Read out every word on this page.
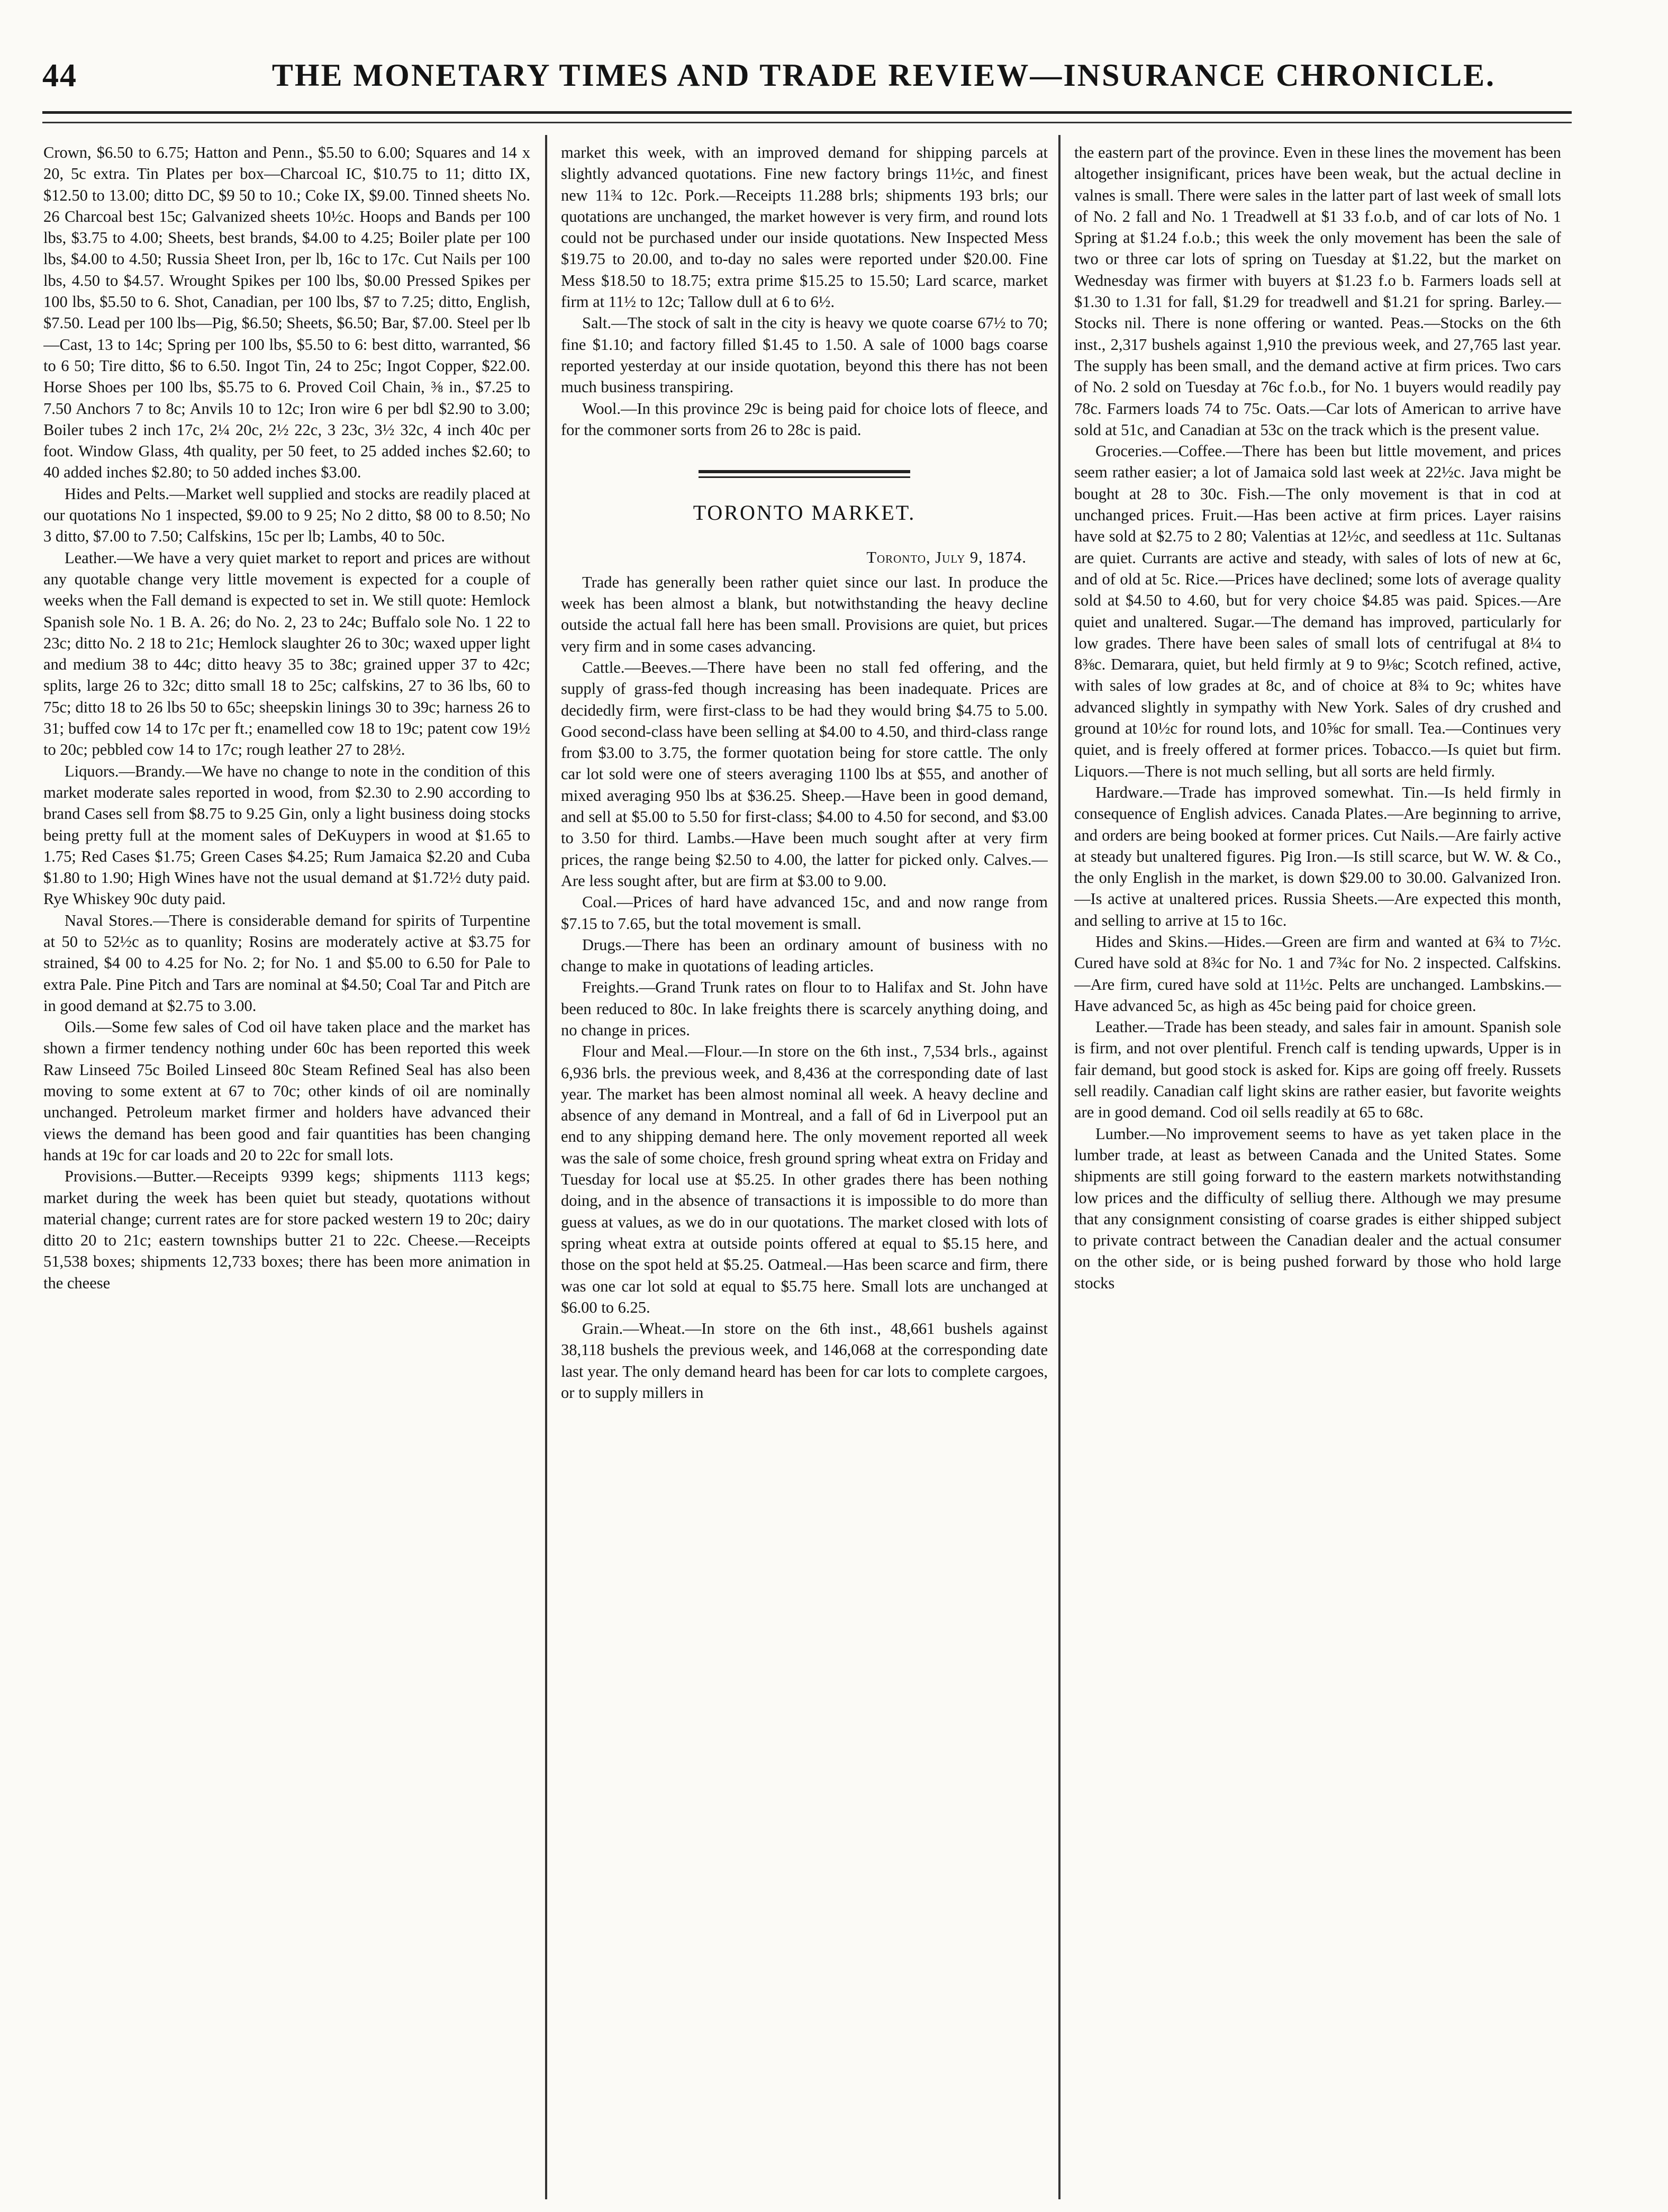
44	THE MONETARY TIMES AND TRADE REVIEW—INSURANCE CHRONICLE.

Crown, $6.50 to 6.75; Hatton and Penn., $5.50 to 6.00; Squares and 14 x 20, 5c extra. Tin Plates per box—Charcoal IC, $10.75 to 11; ditto IX, $12.50 to 13.00; ditto DC, $9 50 to 10.; Coke IX, $9.00. Tinned sheets No. 26 Charcoal best 15c; Galvanized sheets 10½c. Hoops and Bands per 100 lbs, $3.75 to 4.00; Sheets, best brands, $4.00 to 4.25; Boiler plate per 100 lbs, $4.00 to 4.50; Russia Sheet Iron, per lb, 16c to 17c. Cut Nails per 100 lbs, 4.50 to $4.57. Wrought Spikes per 100 lbs, $0.00 Pressed Spikes per 100 lbs, $5.50 to 6. Shot, Canadian, per 100 lbs, $7 to 7.25; ditto, English, $7.50. Lead per 100 lbs—Pig, $6.50; Sheets, $6.50; Bar, $7.00. Steel per lb—Cast, 13 to 14c; Spring per 100 lbs, $5.50 to 6: best ditto, warranted, $6 to 6 50; Tire ditto, $6 to 6.50. Ingot Tin, 24 to 25c; Ingot Copper, $22.00. Horse Shoes per 100 lbs, $5.75 to 6. Proved Coil Chain, ⅜ in., $7.25 to 7.50 Anchors 7 to 8c; Anvils 10 to 12c; Iron wire 6 per bdl $2.90 to 3.00; Boiler tubes 2 inch 17c, 2¼ 20c, 2½ 22c, 3 23c, 3½ 32c, 4 inch 40c per foot. Window Glass, 4th quality, per 50 feet, to 25 added inches $2.60; to 40 added inches $2.80; to 50 added inches $3.00.

Hides and Pelts.—Market well supplied and stocks are readily placed at our quotations No 1 inspected, $9.00 to 9 25; No 2 ditto, $8 00 to 8.50; No 3 ditto, $7.00 to 7.50; Calfskins, 15c per lb; Lambs, 40 to 50c.

Leather.—We have a very quiet market to report and prices are without any quotable change very little movement is expected for a couple of weeks when the Fall demand is expected to set in. We still quote: Hemlock Spanish sole No. 1 B. A. 26; do No. 2, 23 to 24c; Buffalo sole No. 1 22 to 23c; ditto No. 2 18 to 21c; Hemlock slaughter 26 to 30c; waxed upper light and medium 38 to 44c; ditto heavy 35 to 38c; grained upper 37 to 42c; splits, large 26 to 32c; ditto small 18 to 25c; calfskins, 27 to 36 lbs, 60 to 75c; ditto 18 to 26 lbs 50 to 65c; sheepskin linings 30 to 39c; harness 26 to 31; buffed cow 14 to 17c per ft.; enamelled cow 18 to 19c; patent cow 19½ to 20c; pebbled cow 14 to 17c; rough leather 27 to 28½.

Liquors.—Brandy.—We have no change to note in the condition of this market moderate sales reported in wood, from $2.30 to 2.90 according to brand Cases sell from $8.75 to 9.25 Gin, only a light business doing stocks being pretty full at the moment sales of DeKuypers in wood at $1.65 to 1.75; Red Cases $1.75; Green Cases $4.25; Rum Jamaica $2.20 and Cuba $1.80 to 1.90; High Wines have not the usual demand at $1.72½ duty paid. Rye Whiskey 90c duty paid.

Naval Stores.—There is considerable demand for spirits of Turpentine at 50 to 52½c as to quanlity; Rosins are moderately active at $3.75 for strained, $4 00 to 4.25 for No. 2; for No. 1 and $5.00 to 6.50 for Pale to extra Pale. Pine Pitch and Tars are nominal at $4.50; Coal Tar and Pitch are in good demand at $2.75 to 3.00.

Oils.—Some few sales of Cod oil have taken place and the market has shown a firmer tendency nothing under 60c has been reported this week Raw Linseed 75c Boiled Linseed 80c Steam Refined Seal has also been moving to some extent at 67 to 70c; other kinds of oil are nominally unchanged. Petroleum market firmer and holders have advanced their views the demand has been good and fair quantities has been changing hands at 19c for car loads and 20 to 22c for small lots.

Provisions.—Butter.—Receipts 9399 kegs; shipments 1113 kegs; market during the week has been quiet but steady, quotations without material change; current rates are for store packed western 19 to 20c; dairy ditto 20 to 21c; eastern townships butter 21 to 22c. Cheese.—Receipts 51,538 boxes; shipments 12,733 boxes; there has been more animation in the cheese

market this week, with an improved demand for shipping parcels at slightly advanced quotations. Fine new factory brings 11½c, and finest new 11¾ to 12c. Pork.—Receipts 11.288 brls; shipments 193 brls; our quotations are unchanged, the market however is very firm, and round lots could not be purchased under our inside quotations. New Inspected Mess $19.75 to 20.00, and to-day no sales were reported under $20.00. Fine Mess $18.50 to 18.75; extra prime $15.25 to 15.50; Lard scarce, market firm at 11½ to 12c; Tallow dull at 6 to 6½.

Salt.—The stock of salt in the city is heavy we quote coarse 67½ to 70; fine $1.10; and factory filled $1.45 to 1.50. A sale of 1000 bags coarse reported yesterday at our inside quotation, beyond this there has not been much business transpiring.

Wool.—In this province 29c is being paid for choice lots of fleece, and for the commoner sorts from 26 to 28c is paid.

TORONTO MARKET.
Toronto, July 9, 1874.

Trade has generally been rather quiet since our last. In produce the week has been almost a blank, but notwithstanding the heavy decline outside the actual fall here has been small. Provisions are quiet, but prices very firm and in some cases advancing.

Cattle.—Beeves.—There have been no stall fed offering, and the supply of grass-fed though increasing has been inadequate. Prices are decidedly firm, were first-class to be had they would bring $4.75 to 5.00. Good second-class have been selling at $4.00 to 4.50, and third-class range from $3.00 to 3.75, the former quotation being for store cattle. The only car lot sold were one of steers averaging 1100 lbs at $55, and another of mixed averaging 950 lbs at $36.25. Sheep.—Have been in good demand, and sell at $5.00 to 5.50 for first-class; $4.00 to 4.50 for second, and $3.00 to 3.50 for third. Lambs.—Have been much sought after at very firm prices, the range being $2.50 to 4.00, the latter for picked only. Calves.—Are less sought after, but are firm at $3.00 to 9.00.

Coal.—Prices of hard have advanced 15c, and and now range from $7.15 to 7.65, but the total movement is small.

Drugs.—There has been an ordinary amount of business with no change to make in quotations of leading articles.

Freights.—Grand Trunk rates on flour to to Halifax and St. John have been reduced to 80c. In lake freights there is scarcely anything doing, and no change in prices.

Flour and Meal.—Flour.—In store on the 6th inst., 7,534 brls., against 6,936 brls. the previous week, and 8,436 at the corresponding date of last year. The market has been almost nominal all week. A heavy decline and absence of any demand in Montreal, and a fall of 6d in Liverpool put an end to any shipping demand here. The only movement reported all week was the sale of some choice, fresh ground spring wheat extra on Friday and Tuesday for local use at $5.25. In other grades there has been nothing doing, and in the absence of transactions it is impossible to do more than guess at values, as we do in our quotations. The market closed with lots of spring wheat extra at outside points offered at equal to $5.15 here, and those on the spot held at $5.25. Oatmeal.—Has been scarce and firm, there was one car lot sold at equal to $5.75 here. Small lots are unchanged at $6.00 to 6.25.

Grain.—Wheat.—In store on the 6th inst., 48,661 bushels against 38,118 bushels the previous week, and 146,068 at the corresponding date last year. The only demand heard has been for car lots to complete cargoes, or to supply millers in

the eastern part of the province. Even in these lines the movement has been altogether insignificant, prices have been weak, but the actual decline in valnes is small. There were sales in the latter part of last week of small lots of No. 2 fall and No. 1 Treadwell at $1 33 f.o.b, and of car lots of No. 1 Spring at $1.24 f.o.b.; this week the only movement has been the sale of two or three car lots of spring on Tuesday at $1.22, but the market on Wednesday was firmer with buyers at $1.23 f.o b. Farmers loads sell at $1.30 to 1.31 for fall, $1.29 for treadwell and $1.21 for spring. Barley.—Stocks nil. There is none offering or wanted. Peas.—Stocks on the 6th inst., 2,317 bushels against 1,910 the previous week, and 27,765 last year. The supply has been small, and the demand active at firm prices. Two cars of No. 2 sold on Tuesday at 76c f.o.b., for No. 1 buyers would readily pay 78c. Farmers loads 74 to 75c. Oats.—Car lots of American to arrive have sold at 51c, and Canadian at 53c on the track which is the present value.

Groceries.—Coffee.—There has been but little movement, and prices seem rather easier; a lot of Jamaica sold last week at 22½c. Java might be bought at 28 to 30c. Fish.—The only movement is that in cod at unchanged prices. Fruit.—Has been active at firm prices. Layer raisins have sold at $2.75 to 2 80; Valentias at 12½c, and seedless at 11c. Sultanas are quiet. Currants are active and steady, with sales of lots of new at 6c, and of old at 5c. Rice.—Prices have declined; some lots of average quality sold at $4.50 to 4.60, but for very choice $4.85 was paid. Spices.—Are quiet and unaltered. Sugar.—The demand has improved, particularly for low grades. There have been sales of small lots of centrifugal at 8¼ to 8⅜c. Demarara, quiet, but held firmly at 9 to 9⅛c; Scotch refined, active, with sales of low grades at 8c, and of choice at 8¾ to 9c; whites have advanced slightly in sympathy with New York. Sales of dry crushed and ground at 10½c for round lots, and 10⅝c for small. Tea.—Continues very quiet, and is freely offered at former prices. Tobacco.—Is quiet but firm. Liquors.—There is not much selling, but all sorts are held firmly.

Hardware.—Trade has improved somewhat. Tin.—Is held firmly in consequence of English advices. Canada Plates.—Are beginning to arrive, and orders are being booked at former prices. Cut Nails.—Are fairly active at steady but unaltered figures. Pig Iron.—Is still scarce, but W. W. & Co., the only English in the market, is down $29.00 to 30.00. Galvanized Iron.—Is active at unaltered prices. Russia Sheets.—Are expected this month, and selling to arrive at 15 to 16c.

Hides and Skins.—Hides.—Green are firm and wanted at 6¾ to 7½c. Cured have sold at 8¾c for No. 1 and 7¾c for No. 2 inspected. Calfskins.—Are firm, cured have sold at 11½c. Pelts are unchanged. Lambskins.—Have advanced 5c, as high as 45c being paid for choice green.

Leather.—Trade has been steady, and sales fair in amount. Spanish sole is firm, and not over plentiful. French calf is tending upwards, Upper is in fair demand, but good stock is asked for. Kips are going off freely. Russets sell readily. Canadian calf light skins are rather easier, but favorite weights are in good demand. Cod oil sells readily at 65 to 68c.

Lumber.—No improvement seems to have as yet taken place in the lumber trade, at least as between Canada and the United States. Some shipments are still going forward to the eastern markets notwithstanding low prices and the difficulty of selliug there. Although we may presume that any consignment consisting of coarse grades is either shipped subject to private contract between the Canadian dealer and the actual consumer on the other side, or is being pushed forward by those who hold large stocks
